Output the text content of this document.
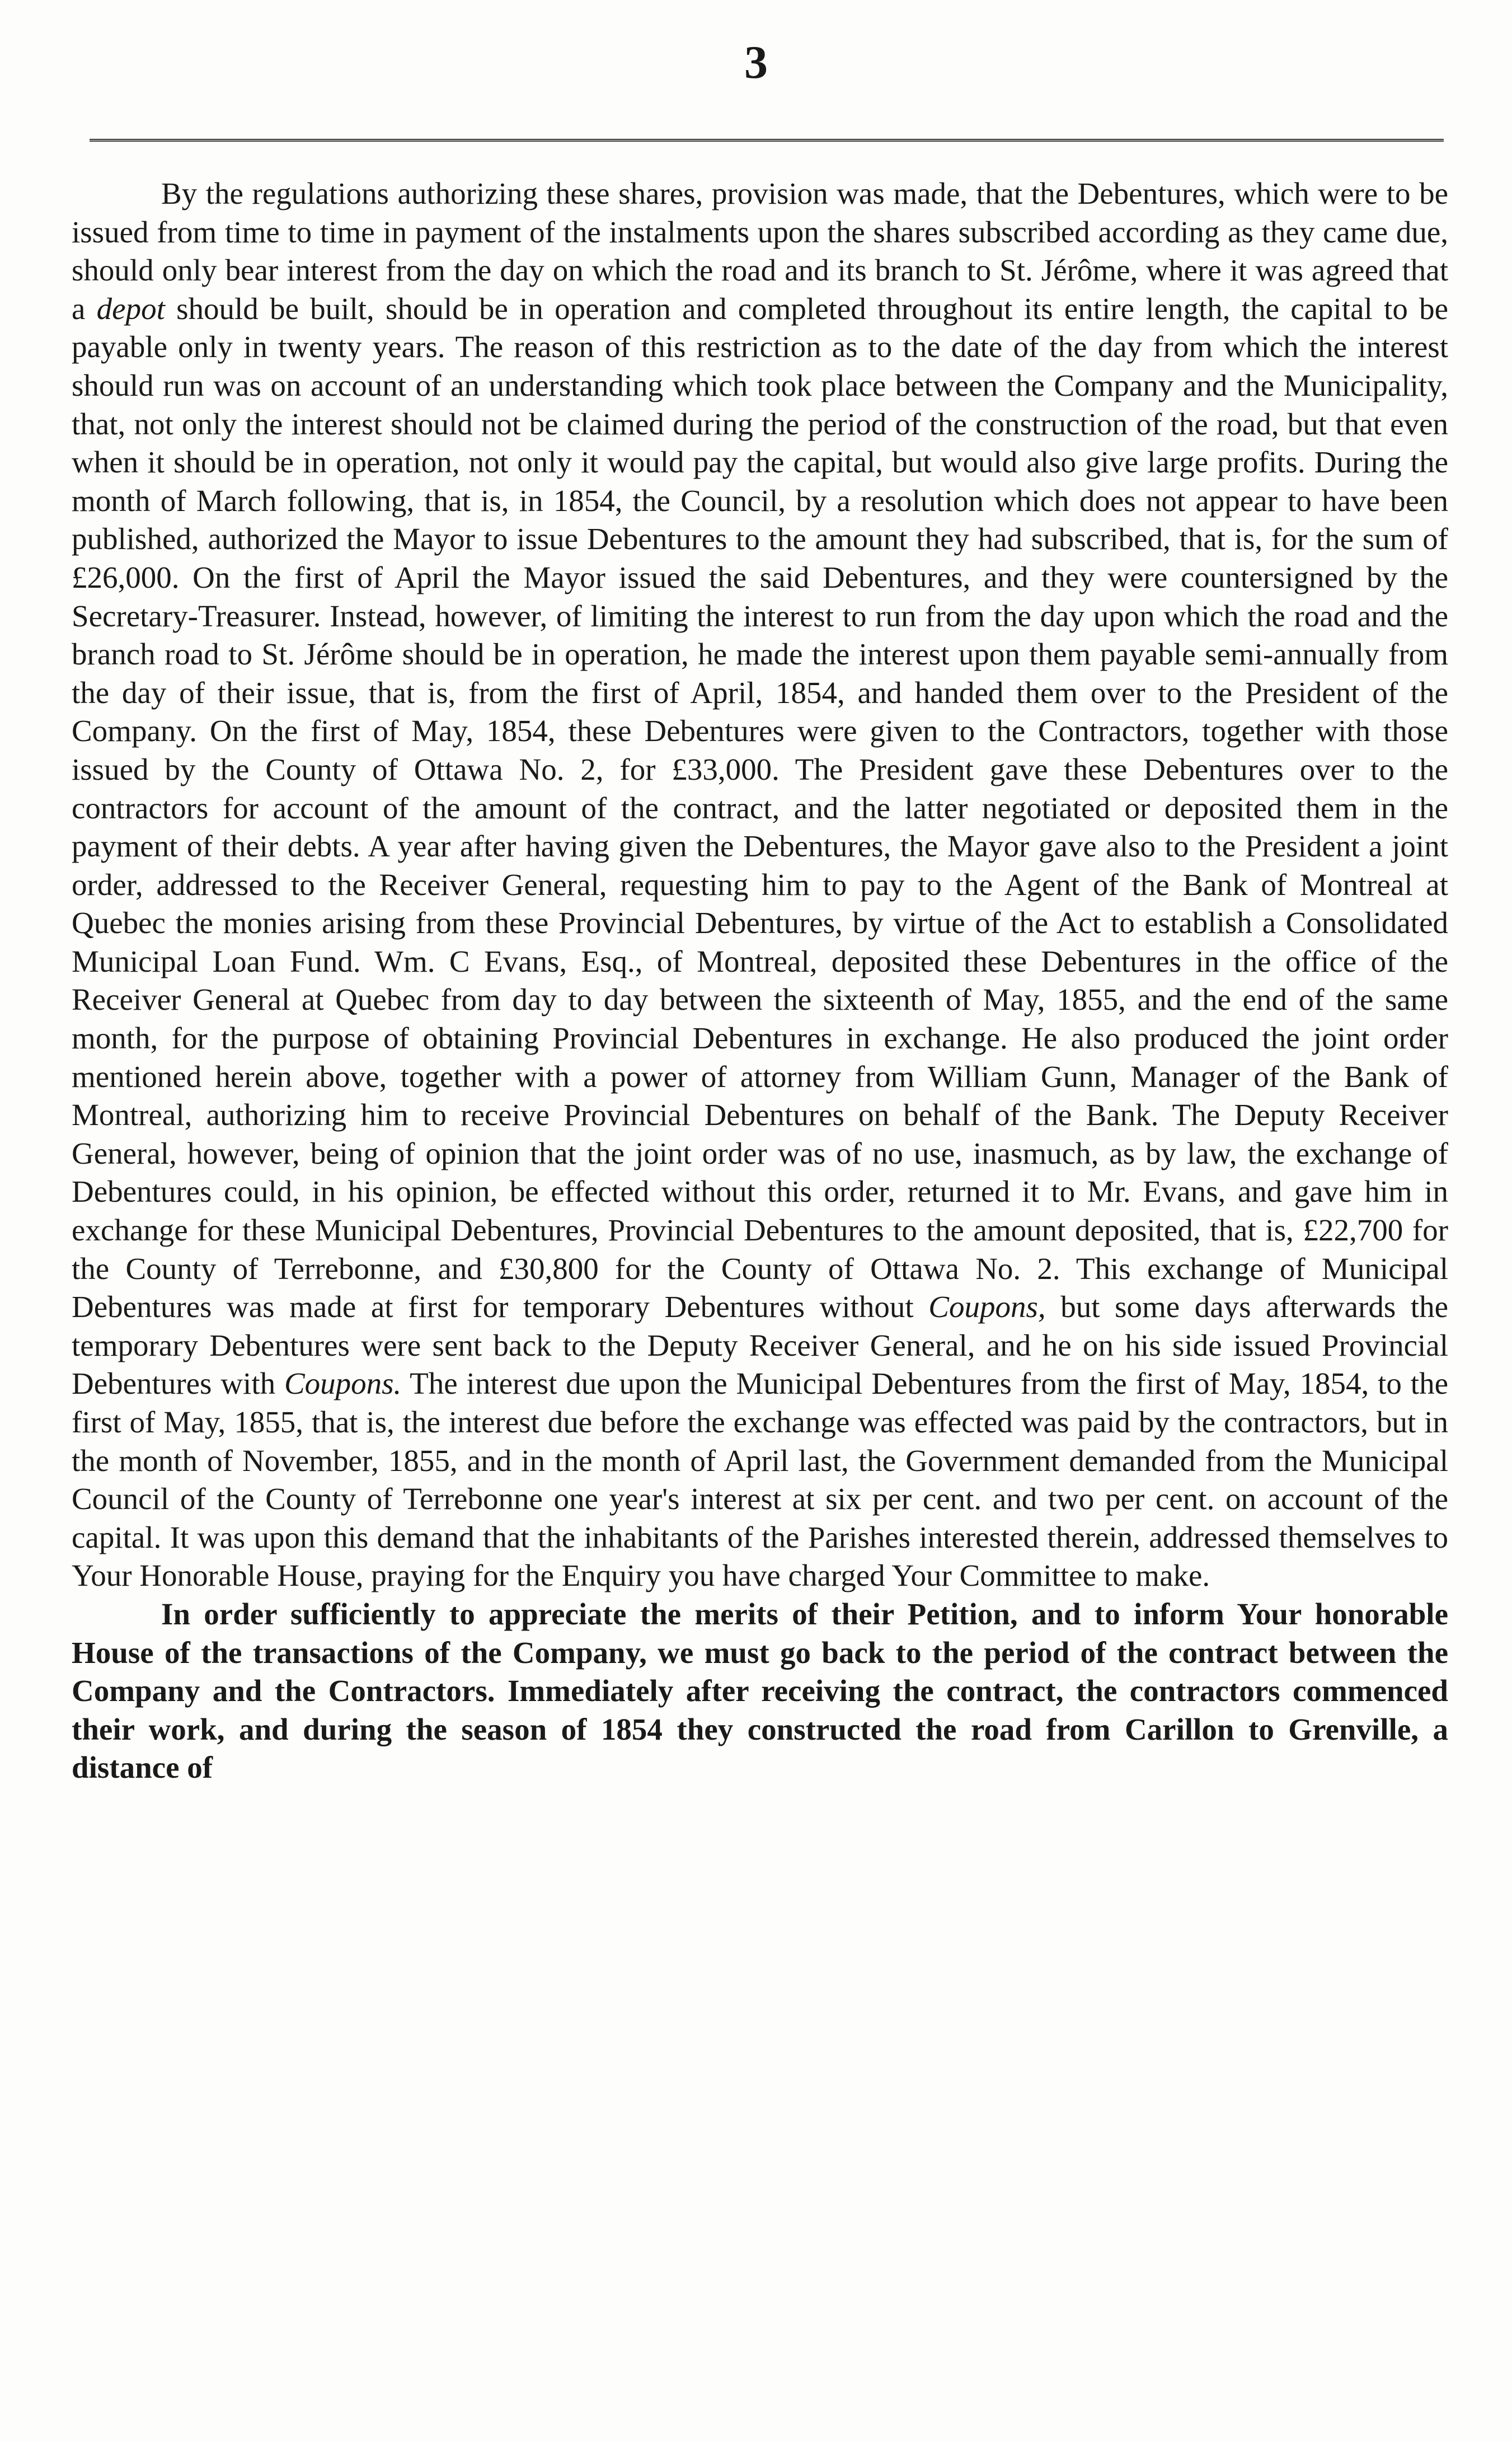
3

By the regulations authorizing these shares, provision was made, that the Debentures, which were to be issued from time to time in payment of the instalments upon the shares subscribed according as they came due, should only bear interest from the day on which the road and its branch to St. Jérôme, where it was agreed that a depot should be built, should be in operation and completed throughout its entire length, the capital to be payable only in twenty years. The reason of this restriction as to the date of the day from which the interest should run was on account of an understanding which took place between the Company and the Municipality, that, not only the interest should not be claimed during the period of the construction of the road, but that even when it should be in operation, not only it would pay the capital, but would also give large profits. During the month of March following, that is, in 1854, the Council, by a resolution which does not appear to have been published, authorized the Mayor to issue Debentures to the amount they had subscribed, that is, for the sum of £26,000. On the first of April the Mayor issued the said Debentures, and they were countersigned by the Secretary-Treasurer. Instead, however, of limiting the interest to run from the day upon which the road and the branch road to St. Jérôme should be in operation, he made the interest upon them payable semi-annually from the day of their issue, that is, from the first of April, 1854, and handed them over to the President of the Company. On the first of May, 1854, these Debentures were given to the Contractors, together with those issued by the County of Ottawa No. 2, for £33,000. The President gave these Debentures over to the contractors for account of the amount of the contract, and the latter negotiated or deposited them in the payment of their debts. A year after having given the Debentures, the Mayor gave also to the President a joint order, addressed to the Receiver General, requesting him to pay to the Agent of the Bank of Montreal at Quebec the monies arising from these Provincial Debentures, by virtue of the Act to establish a Consolidated Municipal Loan Fund. Wm. C Evans, Esq., of Montreal, deposited these Debentures in the office of the Receiver General at Quebec from day to day between the sixteenth of May, 1855, and the end of the same month, for the purpose of obtaining Provincial Debentures in exchange. He also produced the joint order mentioned herein above, together with a power of attorney from William Gunn, Manager of the Bank of Montreal, authorizing him to receive Provincial Debentures on behalf of the Bank. The Deputy Receiver General, however, being of opinion that the joint order was of no use, inasmuch, as by law, the exchange of Debentures could, in his opinion, be effected without this order, returned it to Mr. Evans, and gave him in exchange for these Municipal Debentures, Provincial Debentures to the amount deposited, that is, £22,700 for the County of Terrebonne, and £30,800 for the County of Ottawa No. 2. This exchange of Municipal Debentures was made at first for temporary Debentures without Coupons, but some days afterwards the temporary Debentures were sent back to the Deputy Receiver General, and he on his side issued Provincial Debentures with Coupons. The interest due upon the Municipal Debentures from the first of May, 1854, to the first of May, 1855, that is, the interest due before the exchange was effected was paid by the contractors, but in the month of November, 1855, and in the month of April last, the Government demanded from the Municipal Council of the County of Terrebonne one year's interest at six per cent. and two per cent. on account of the capital. It was upon this demand that the inhabitants of the Parishes interested therein, addressed themselves to Your Honorable House, praying for the Enquiry you have charged Your Committee to make.

In order sufficiently to appreciate the merits of their Petition, and to inform Your honorable House of the transactions of the Company, we must go back to the period of the contract between the Company and the Contractors. Immediately after receiving the contract, the contractors commenced their work, and during the season of 1854 they constructed the road from Carillon to Grenville, a distance of
